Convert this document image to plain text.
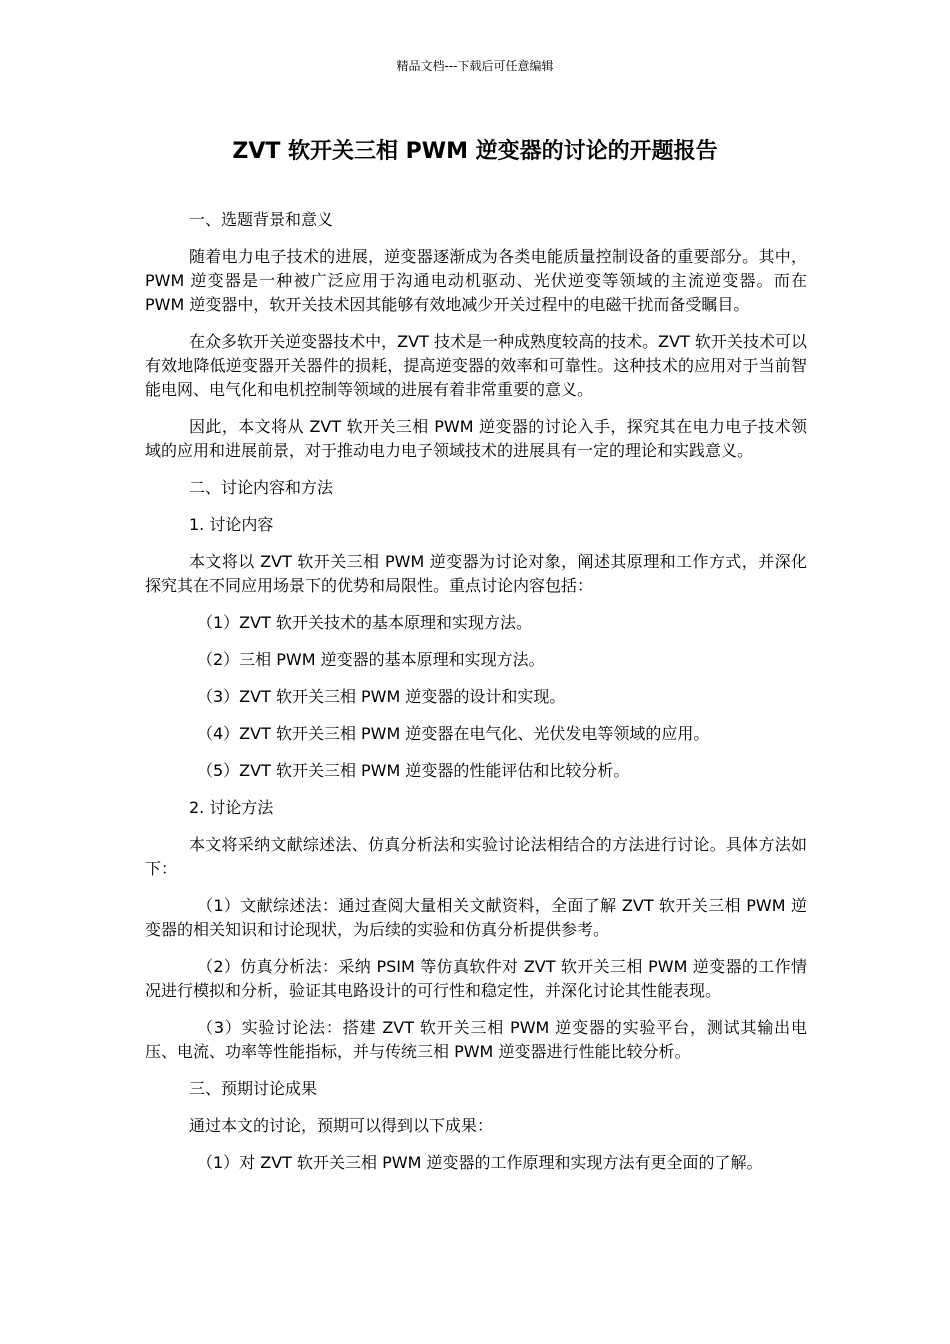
精品文档---下载后可任意编辑
ZVT 软开关三相 PWM 逆变器的讨论的开题报告

一、选题背景和意义

随着电力电子技术的进展，逆变器逐渐成为各类电能质量控制设备的重要部分。其中，PWM 逆变器是一种被广泛应用于沟通电动机驱动、光伏逆变等领域的主流逆变器。而在 PWM 逆变器中，软开关技术因其能够有效地减少开关过程中的电磁干扰而备受瞩目。

在众多软开关逆变器技术中，ZVT 技术是一种成熟度较高的技术。ZVT 软开关技术可以有效地降低逆变器开关器件的损耗，提高逆变器的效率和可靠性。这种技术的应用对于当前智能电网、电气化和电机控制等领域的进展有着非常重要的意义。

因此，本文将从 ZVT 软开关三相 PWM 逆变器的讨论入手，探究其在电力电子技术领域的应用和进展前景，对于推动电力电子领域技术的进展具有一定的理论和实践意义。

二、讨论内容和方法

1. 讨论内容

本文将以 ZVT 软开关三相 PWM 逆变器为讨论对象，阐述其原理和工作方式，并深化探究其在不同应用场景下的优势和局限性。重点讨论内容包括：

（1）ZVT 软开关技术的基本原理和实现方法。

（2）三相 PWM 逆变器的基本原理和实现方法。

（3）ZVT 软开关三相 PWM 逆变器的设计和实现。

（4）ZVT 软开关三相 PWM 逆变器在电气化、光伏发电等领域的应用。

（5）ZVT 软开关三相 PWM 逆变器的性能评估和比较分析。

2. 讨论方法

本文将采纳文献综述法、仿真分析法和实验讨论法相结合的方法进行讨论。具体方法如下：

（1）文献综述法：通过查阅大量相关文献资料，全面了解 ZVT 软开关三相 PWM 逆变器的相关知识和讨论现状，为后续的实验和仿真分析提供参考。

（2）仿真分析法：采纳 PSIM 等仿真软件对 ZVT 软开关三相 PWM 逆变器的工作情况进行模拟和分析，验证其电路设计的可行性和稳定性，并深化讨论其性能表现。

（3）实验讨论法：搭建 ZVT 软开关三相 PWM 逆变器的实验平台，测试其输出电压、电流、功率等性能指标，并与传统三相 PWM 逆变器进行性能比较分析。

三、预期讨论成果

通过本文的讨论，预期可以得到以下成果：

（1）对 ZVT 软开关三相 PWM 逆变器的工作原理和实现方法有更全面的了解。
